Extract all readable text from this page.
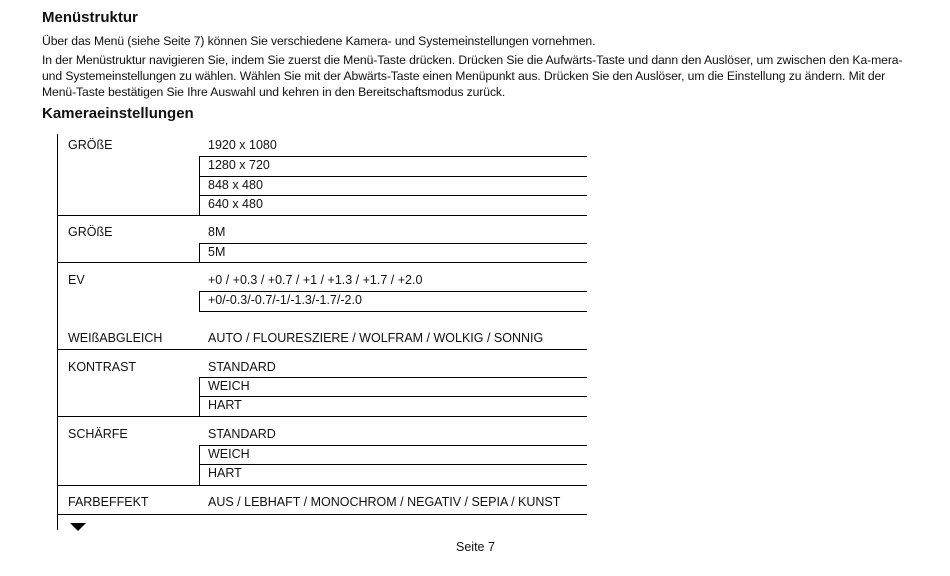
Menüstruktur

Über das Menü (siehe Seite 7) können Sie verschiedene Kamera- und Systemeinstellungen vornehmen.

In der Menüstruktur navigieren Sie, indem Sie zuerst die Menü-Taste drücken. Drücken Sie die Aufwärts-Taste und dann den Auslöser, um zwischen den Ka-mera- und Systemeinstellungen zu wählen. Wählen Sie mit der Abwärts-Taste einen Menüpunkt aus. Drücken Sie den Auslöser, um die Einstellung zu ändern. Mit der Menü-Taste bestätigen Sie Ihre Auswahl und kehren in den Bereitschaftsmodus zurück.

Kameraeinstellungen
GRÖßE	1920 x 1080
1280 x 720
848 x 480
640 x 480
GRÖßE	8M
5M
EV	+0 / +0.3 / +0.7 / +1 / +1.3 / +1.7 / +2.0
+0/-0.3/-0.7/-1/-1.3/-1.7/-2.0
WEIßABGLEICH	AUTO / FLOURESZIERE / WOLFRAM / WOLKIG / SONNIG
KONTRAST	STANDARD
WEICH
HART
SCHÄRFE	STANDARD
WEICH
HART
FARBEFFEKT	AUS / LEBHAFT / MONOCHROM / NEGATIV / SEPIA / KUNST
Seite 7
